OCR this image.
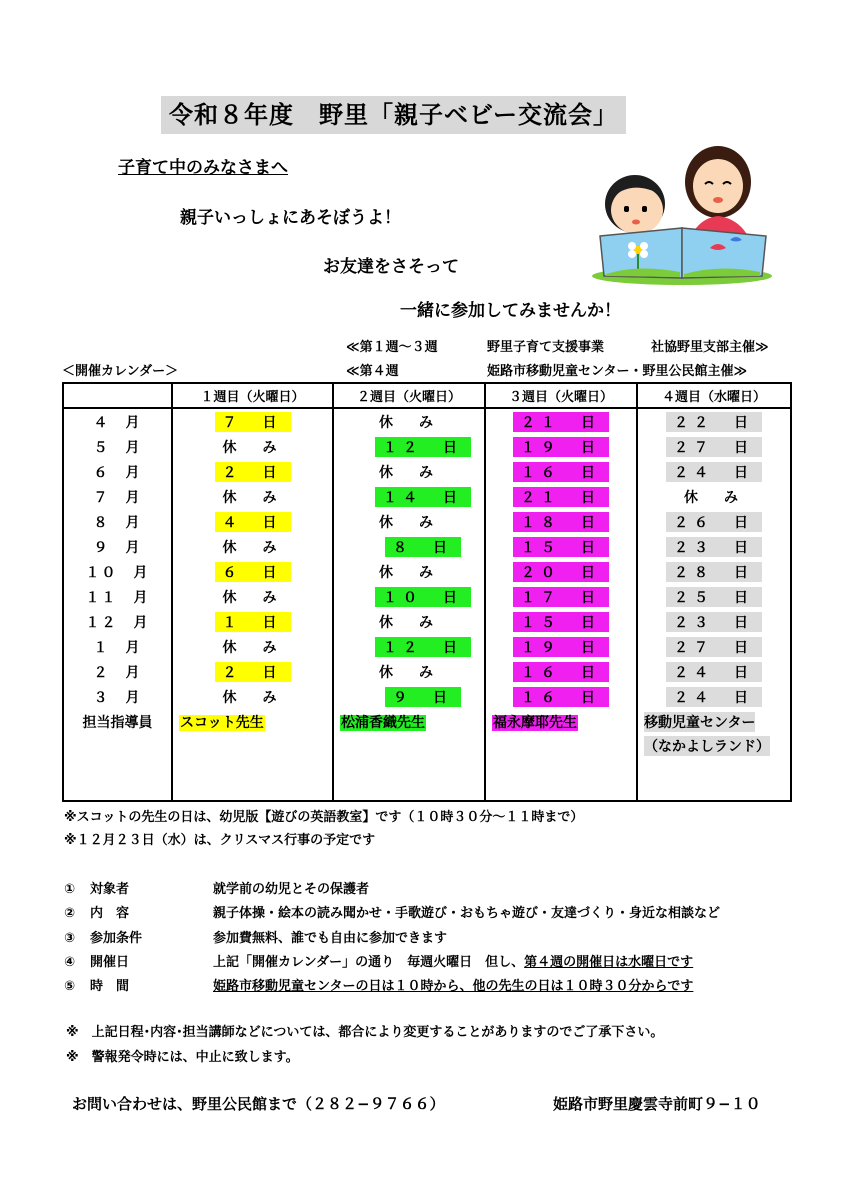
令和８年度　野里「親子ベビー交流会」
子育て中のみなさまへ
親子いっしょにあそぼうよ！
お友達をさそって
一緒に参加してみませんか！
≪第１週～３週	野里子育て支援事業	社協野里支部主催≫
＜開催カレンダー＞	≪第４週	姫路市移動児童センター・野里公民館主催≫
	１週目（火曜日）	２週目（火曜日）	３週目（火曜日）	４週目（水曜日）
４　月	７　日	休　み	２１　日	２２　日
５　月	休　み	１２　日	１９　日	２７　日
６　月	２　日	休　み	１６　日	２４　日
７　月	休　み	１４　日	２１　日	休　み
８　月	４　日	休　み	１８　日	２６　日
９　月	休　み	８　日	１５　日	２３　日
１０　月	６　日	休　み	２０　日	２８　日
１１　月	休　み	１０　日	１７　日	２５　日
１２　月	１　日	休　み	１５　日	２３　日
１　月	休　み	１２　日	１９　日	２７　日
２　月	２　日	休　み	１６　日	２４　日
３　月	休　み	９　日	１６　日	２４　日
担当指導員	スコット先生	松浦香織先生	福永摩耶先生	移動児童センター
（なかよしランド）
※スコットの先生の日は、幼児版【遊びの英語教室】です（１０時３０分～１１時まで）
※１２月２３日（水）は、クリスマス行事の予定です
① 対象者	就学前の幼児とその保護者
② 内　容	親子体操・絵本の読み聞かせ・手歌遊び・おもちゃ遊び・友達づくり・身近な相談など
③ 参加条件	参加費無料、誰でも自由に参加できます
④ 開催日	上記「開催カレンダー」の通り　毎週火曜日　但し、第４週の開催日は水曜日です
⑤ 時　間	姫路市移動児童センターの日は１０時から、他の先生の日は１０時３０分からです
※　上記日程･内容･担当講師などについては、都合により変更することがありますのでご了承下さい。
※　警報発令時には、中止に致します。
お問い合わせは、野里公民館まで（２８２−９７６６）	姫路市野里慶雲寺前町９−１０
